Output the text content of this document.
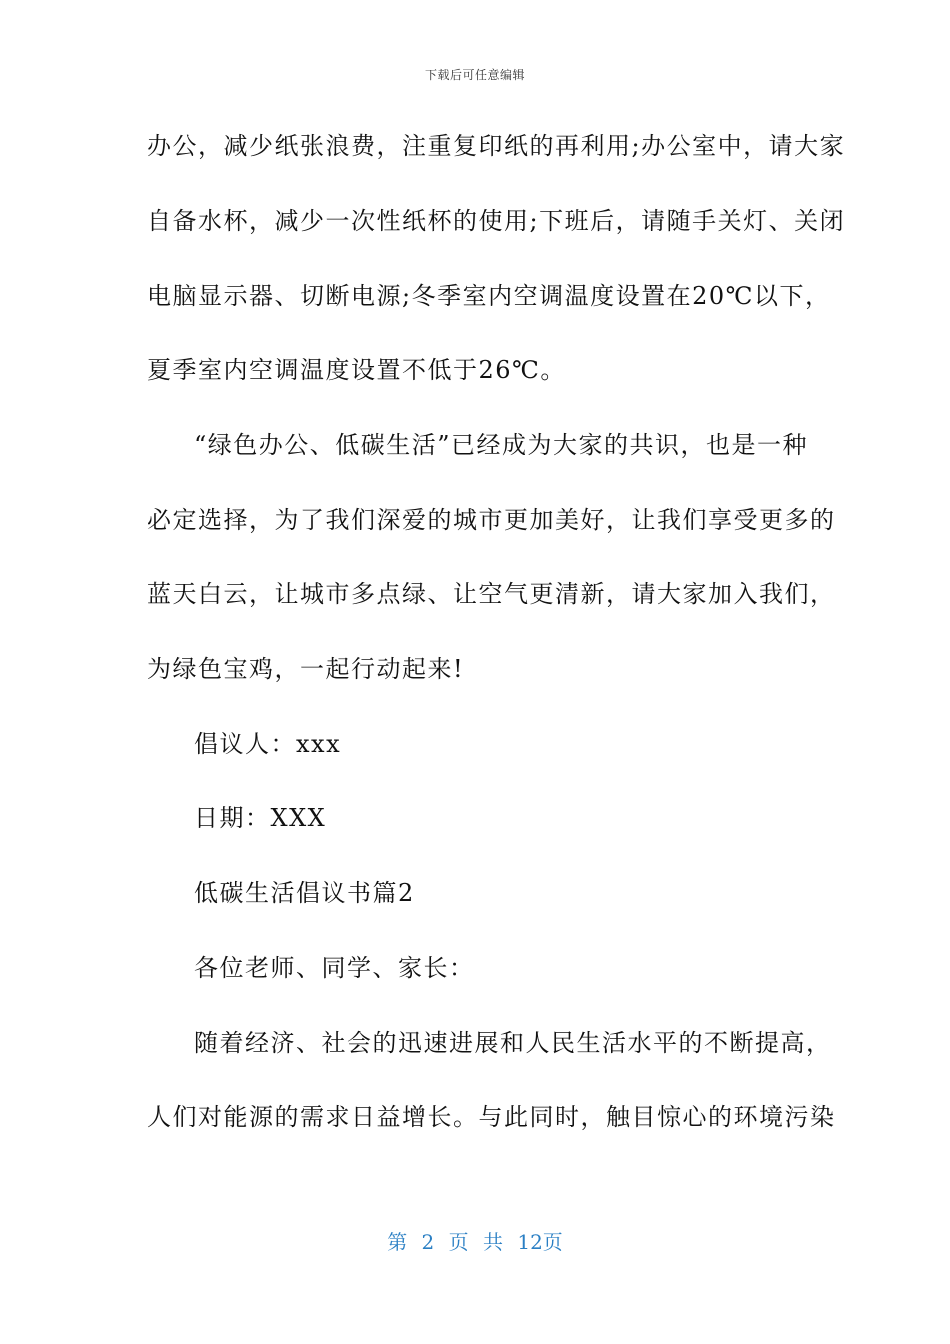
下载后可任意编辑
办公，减少纸张浪费，注重复印纸的再利用;办公室中，请大家
自备水杯，减少一次性纸杯的使用;下班后，请随手关灯、关闭
电脑显示器、切断电源;冬季室内空调温度设置在20℃以下，
夏季室内空调温度设置不低于26℃。
“绿色办公、低碳生活”已经成为大家的共识，也是一种
必定选择，为了我们深爱的城市更加美好，让我们享受更多的
蓝天白云，让城市多点绿、让空气更清新，请大家加入我们，
为绿色宝鸡，一起行动起来!
倡议人：xxx
日期：XXX
低碳生活倡议书篇2
各位老师、同学、家长：
随着经济、社会的迅速进展和人民生活水平的不断提高，
人们对能源的需求日益增长。与此同时，触目惊心的环境污染
第 2 页 共 12页
